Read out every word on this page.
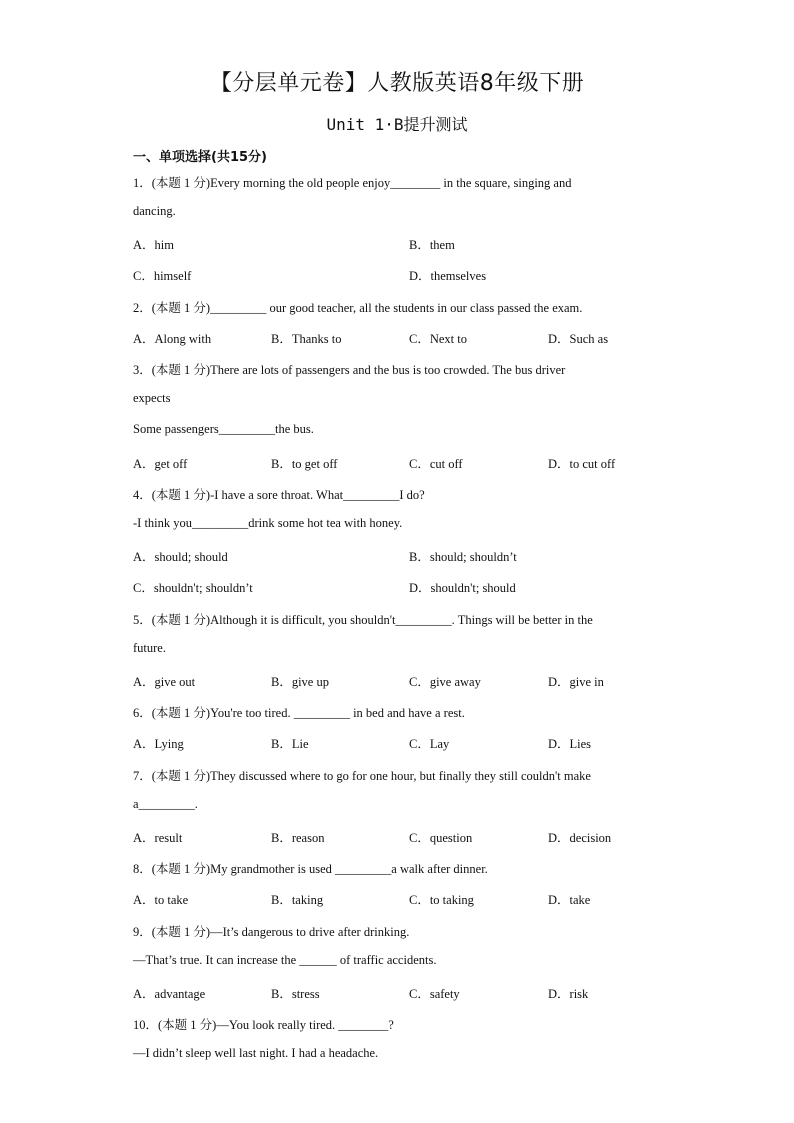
【分层单元卷】人教版英语8年级下册
Unit 1·B提升测试
一、单项选择(共15分)
1．(本题 1 分)Every morning the old people enjoy________ in the square, singing and
dancing.
A．him	B．them
C．himself	D．themselves
2．(本题 1 分)_________ our good teacher, all the students in our class passed the exam.
A．Along with	B．Thanks to	C．Next to	D．Such as
3．(本题 1 分)There are lots of passengers and the bus is too crowded. The bus driver
expects
Some passengers_________the bus.
A．get off	B．to get off	C．cut off	D．to cut off
4．(本题 1 分)-I have a sore throat. What_________I do?
-I think you_________drink some hot tea with honey.
A．should; should	B．should; shouldn’t
C．shouldn't; shouldn’t	D．shouldn't; should
5．(本题 1 分)Although it is difficult, you shouldn't_________. Things will be better in the
future.
A．give out	B．give up	C．give away	D．give in
6．(本题 1 分)You're too tired. _________ in bed and have a rest.
A．Lying	B．Lie	C．Lay	D．Lies
7．(本题 1 分)They discussed where to go for one hour, but finally they still couldn't make
a_________.
A．result	B．reason	C．question	D．decision
8．(本题 1 分)My grandmother is used _________a walk after dinner.
A．to take	B．taking	C．to taking	D．take
9．(本题 1 分)—It’s dangerous to drive after drinking.
—That’s true. It can increase the ______ of traffic accidents.
A．advantage	B．stress	C．safety	D．risk
10．(本题 1 分)—You look really tired. ________?
—I didn’t sleep well last night. I had a headache.
